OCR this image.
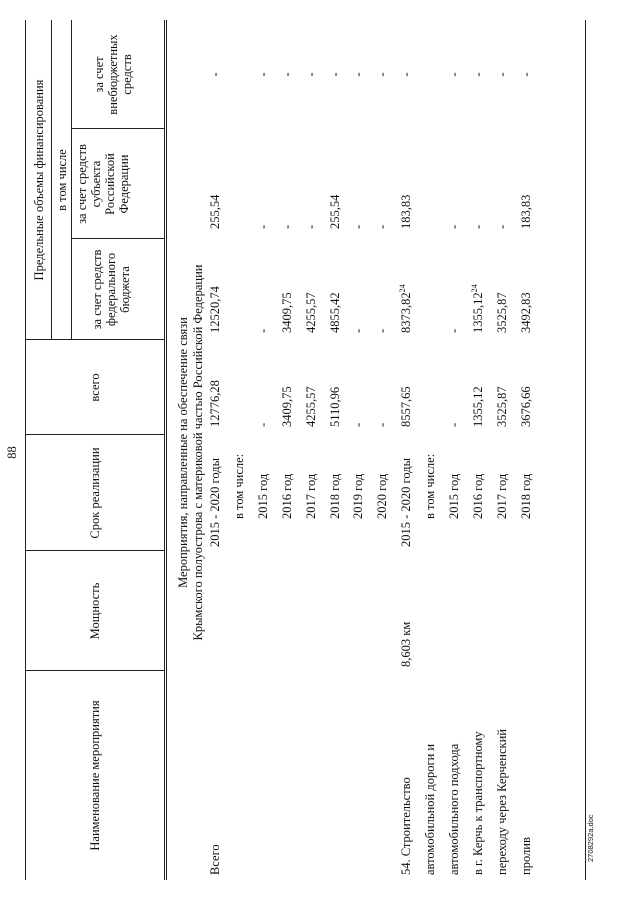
88
Наименование мероприятия
Мощность
Срок реализации
всего
Предельные объемы финансирования в том числе
за счет средств федерального бюджета
за счет средств субъекта Российской Федерации
за счет внебюджетных средств
Мероприятия, направленные на обеспечение связи Крымского полуострова с материковой частью Российской Федерации
Всего
2015 - 2020 годы
12776,28
12520,74
255,54
-
в том числе: 2015 год
-
-
-
-
2016 год
3409,75
3409,75
-
-
2017 год
4255,57
4255,57
-
-
2018 год
5110,96
4855,42
255,54
-
2019 год
-
-
-
-
2020 год
-
-
-
-
54. Строительство
8,603 км
2015 - 2020 годы
8557,65
8373,82$^{24}$
183,83
-
автомобильной дороги и
в том числе:
автомобильного подхода
2015 год
-
-
-
-
в г. Керчь к транспортному
2016 год
1355,12
1355,12$^{24}$
-
-
переходу через Керченский
2017 год
3525,87
3525,87
-
-
пролив
2018 год
3676,66
3492,83
183,83
-
2708292а.doc
